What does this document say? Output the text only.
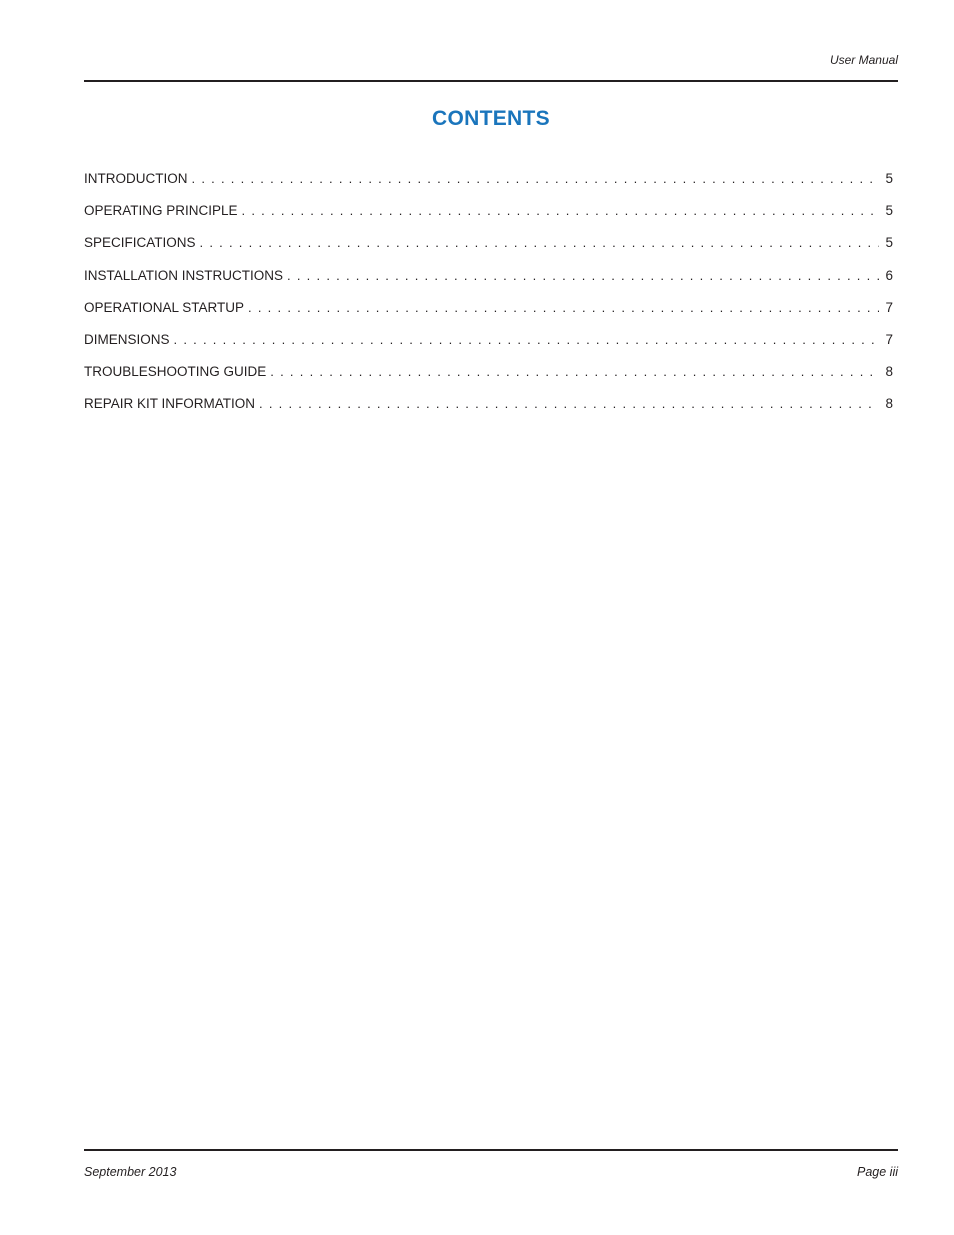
User Manual
CONTENTS
INTRODUCTION . . .	5
OPERATING PRINCIPLE . . .	5
SPECIFICATIONS . . .	5
INSTALLATION INSTRUCTIONS . . .	6
OPERATIONAL STARTUP . . .	7
DIMENSIONS . . .	7
TROUBLESHOOTING GUIDE . . .	8
REPAIR KIT INFORMATION . . .	8
September 2013	Page iii
